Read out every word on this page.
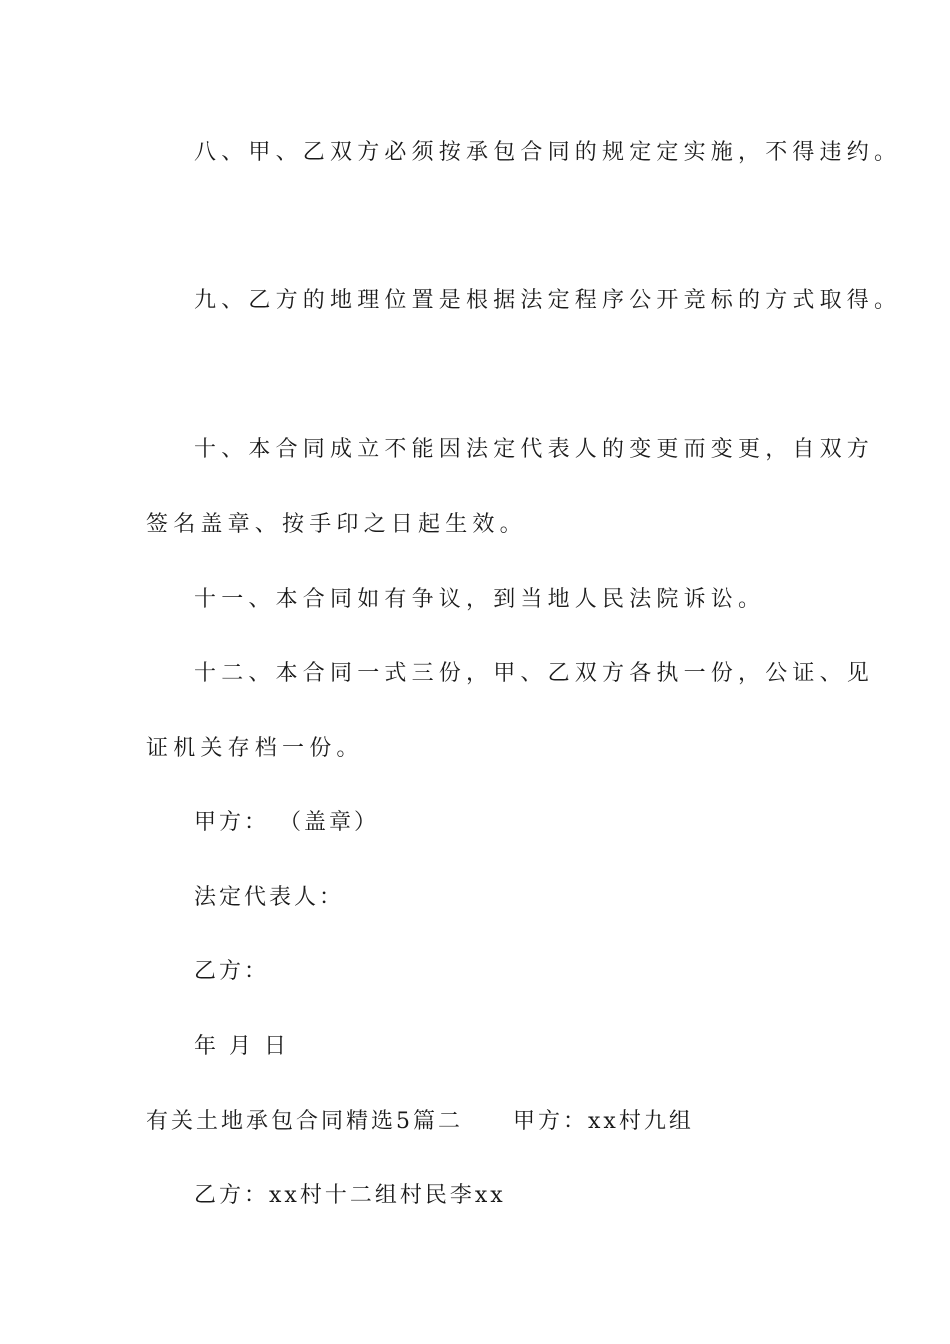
八、甲、乙双方必须按承包合同的规定定实施，不得违约。
九、乙方的地理位置是根据法定程序公开竞标的方式取得。
十、本合同成立不能因法定代表人的变更而变更，自双方
签名盖章、按手印之日起生效。
十一、本合同如有争议，到当地人民法院诉讼。
十二、本合同一式三份，甲、乙双方各执一份，公证、见
证机关存档一份。
甲方： （盖章）
法定代表人：
乙方：
年 月 日
有关土地承包合同精选5篇二 甲方：xx村九组
乙方：xx村十二组村民李xx
